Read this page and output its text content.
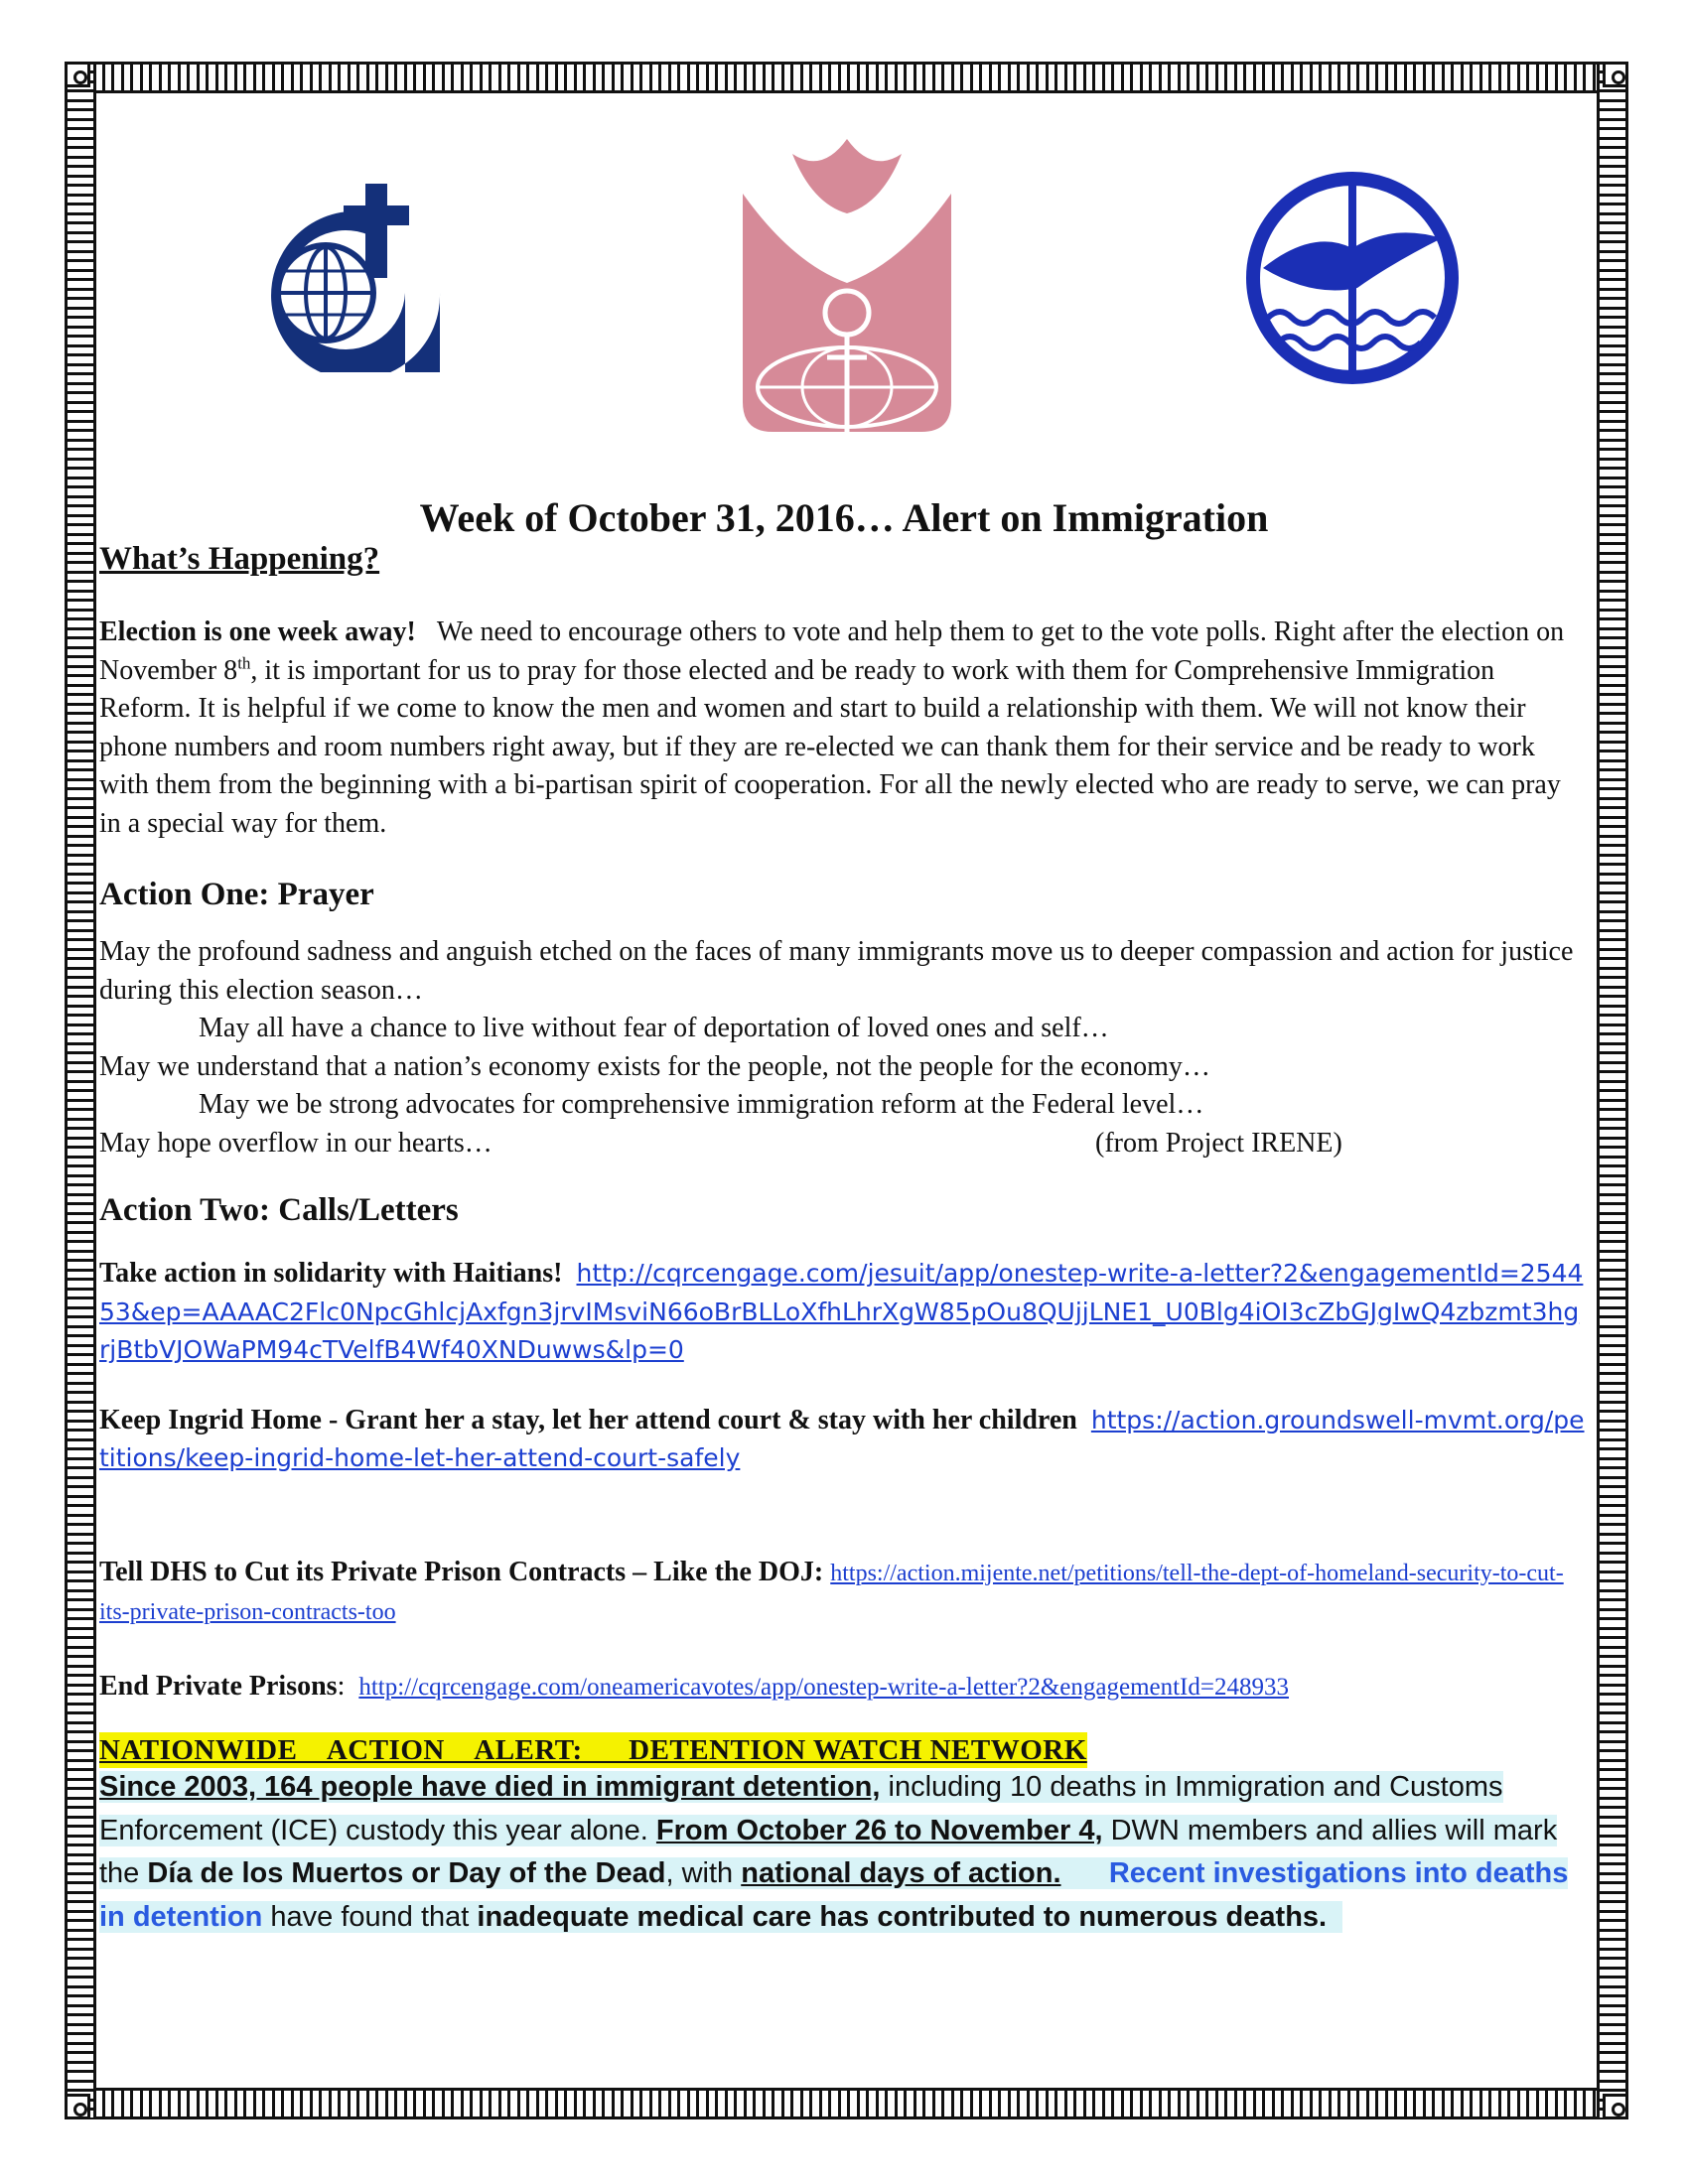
Week of October 31, 2016… Alert on Immigration
What’s Happening?

Election is one week away! We need to encourage others to vote and help them to get to the vote polls. Right after the election on November 8th, it is important for us to pray for those elected and be ready to work with them for Comprehensive Immigration Reform. It is helpful if we come to know the men and women and start to build a relationship with them. We will not know their phone numbers and room numbers right away, but if they are re-elected we can thank them for their service and be ready to work with them from the beginning with a bi-partisan spirit of cooperation. For all the newly elected who are ready to serve, we can pray in a special way for them.

Action One: Prayer

May the profound sadness and anguish etched on the faces of many immigrants move us to deeper compassion and action for justice during this election season…

May all have a chance to live without fear of deportation of loved ones and self…

May we understand that a nation’s economy exists for the people, not the people for the economy…

May we be strong advocates for comprehensive immigration reform at the Federal level…

May hope overflow in our hearts…	(from Project IRENE)

Action Two: Calls/Letters

Take action in solidarity with Haitians! http://cqrcengage.com/jesuit/app/onestep-write-a-letter?2&engagementId=254453&ep=AAAAC2Flc0NpcGhlcjAxfgn3jrvIMsviN66oBrBLLoXfhLhrXgW85pOu8QUjjLNE1_U0Blg4iOI3cZbGJgIwQ4zbzmt3hgrjBtbVJOWaPM94cTVelfB4Wf40XNDuwws&lp=0

Keep Ingrid Home - Grant her a stay, let her attend court & stay with her children https://action.groundswell-mvmt.org/petitions/keep-ingrid-home-let-her-attend-court-safely

Tell DHS to Cut its Private Prison Contracts – Like the DOJ: https://action.mijente.net/petitions/tell-the-dept-of-homeland-security-to-cut-its-private-prison-contracts-too

End Private Prisons: http://cqrcengage.com/oneamericavotes/app/onestep-write-a-letter?2&engagementId=248933

NATIONWIDE    ACTION    ALERT:      DETENTION WATCH NETWORK
Since 2003, 164 people have died in immigrant detention, including 10 deaths in Immigration and Customs Enforcement (ICE) custody this year alone. From October 26 to November 4, DWN members and allies will mark the Día de los Muertos or Day of the Dead, with national days of action. Recent investigations into deaths in detention have found that inadequate medical care has contributed to numerous deaths.
